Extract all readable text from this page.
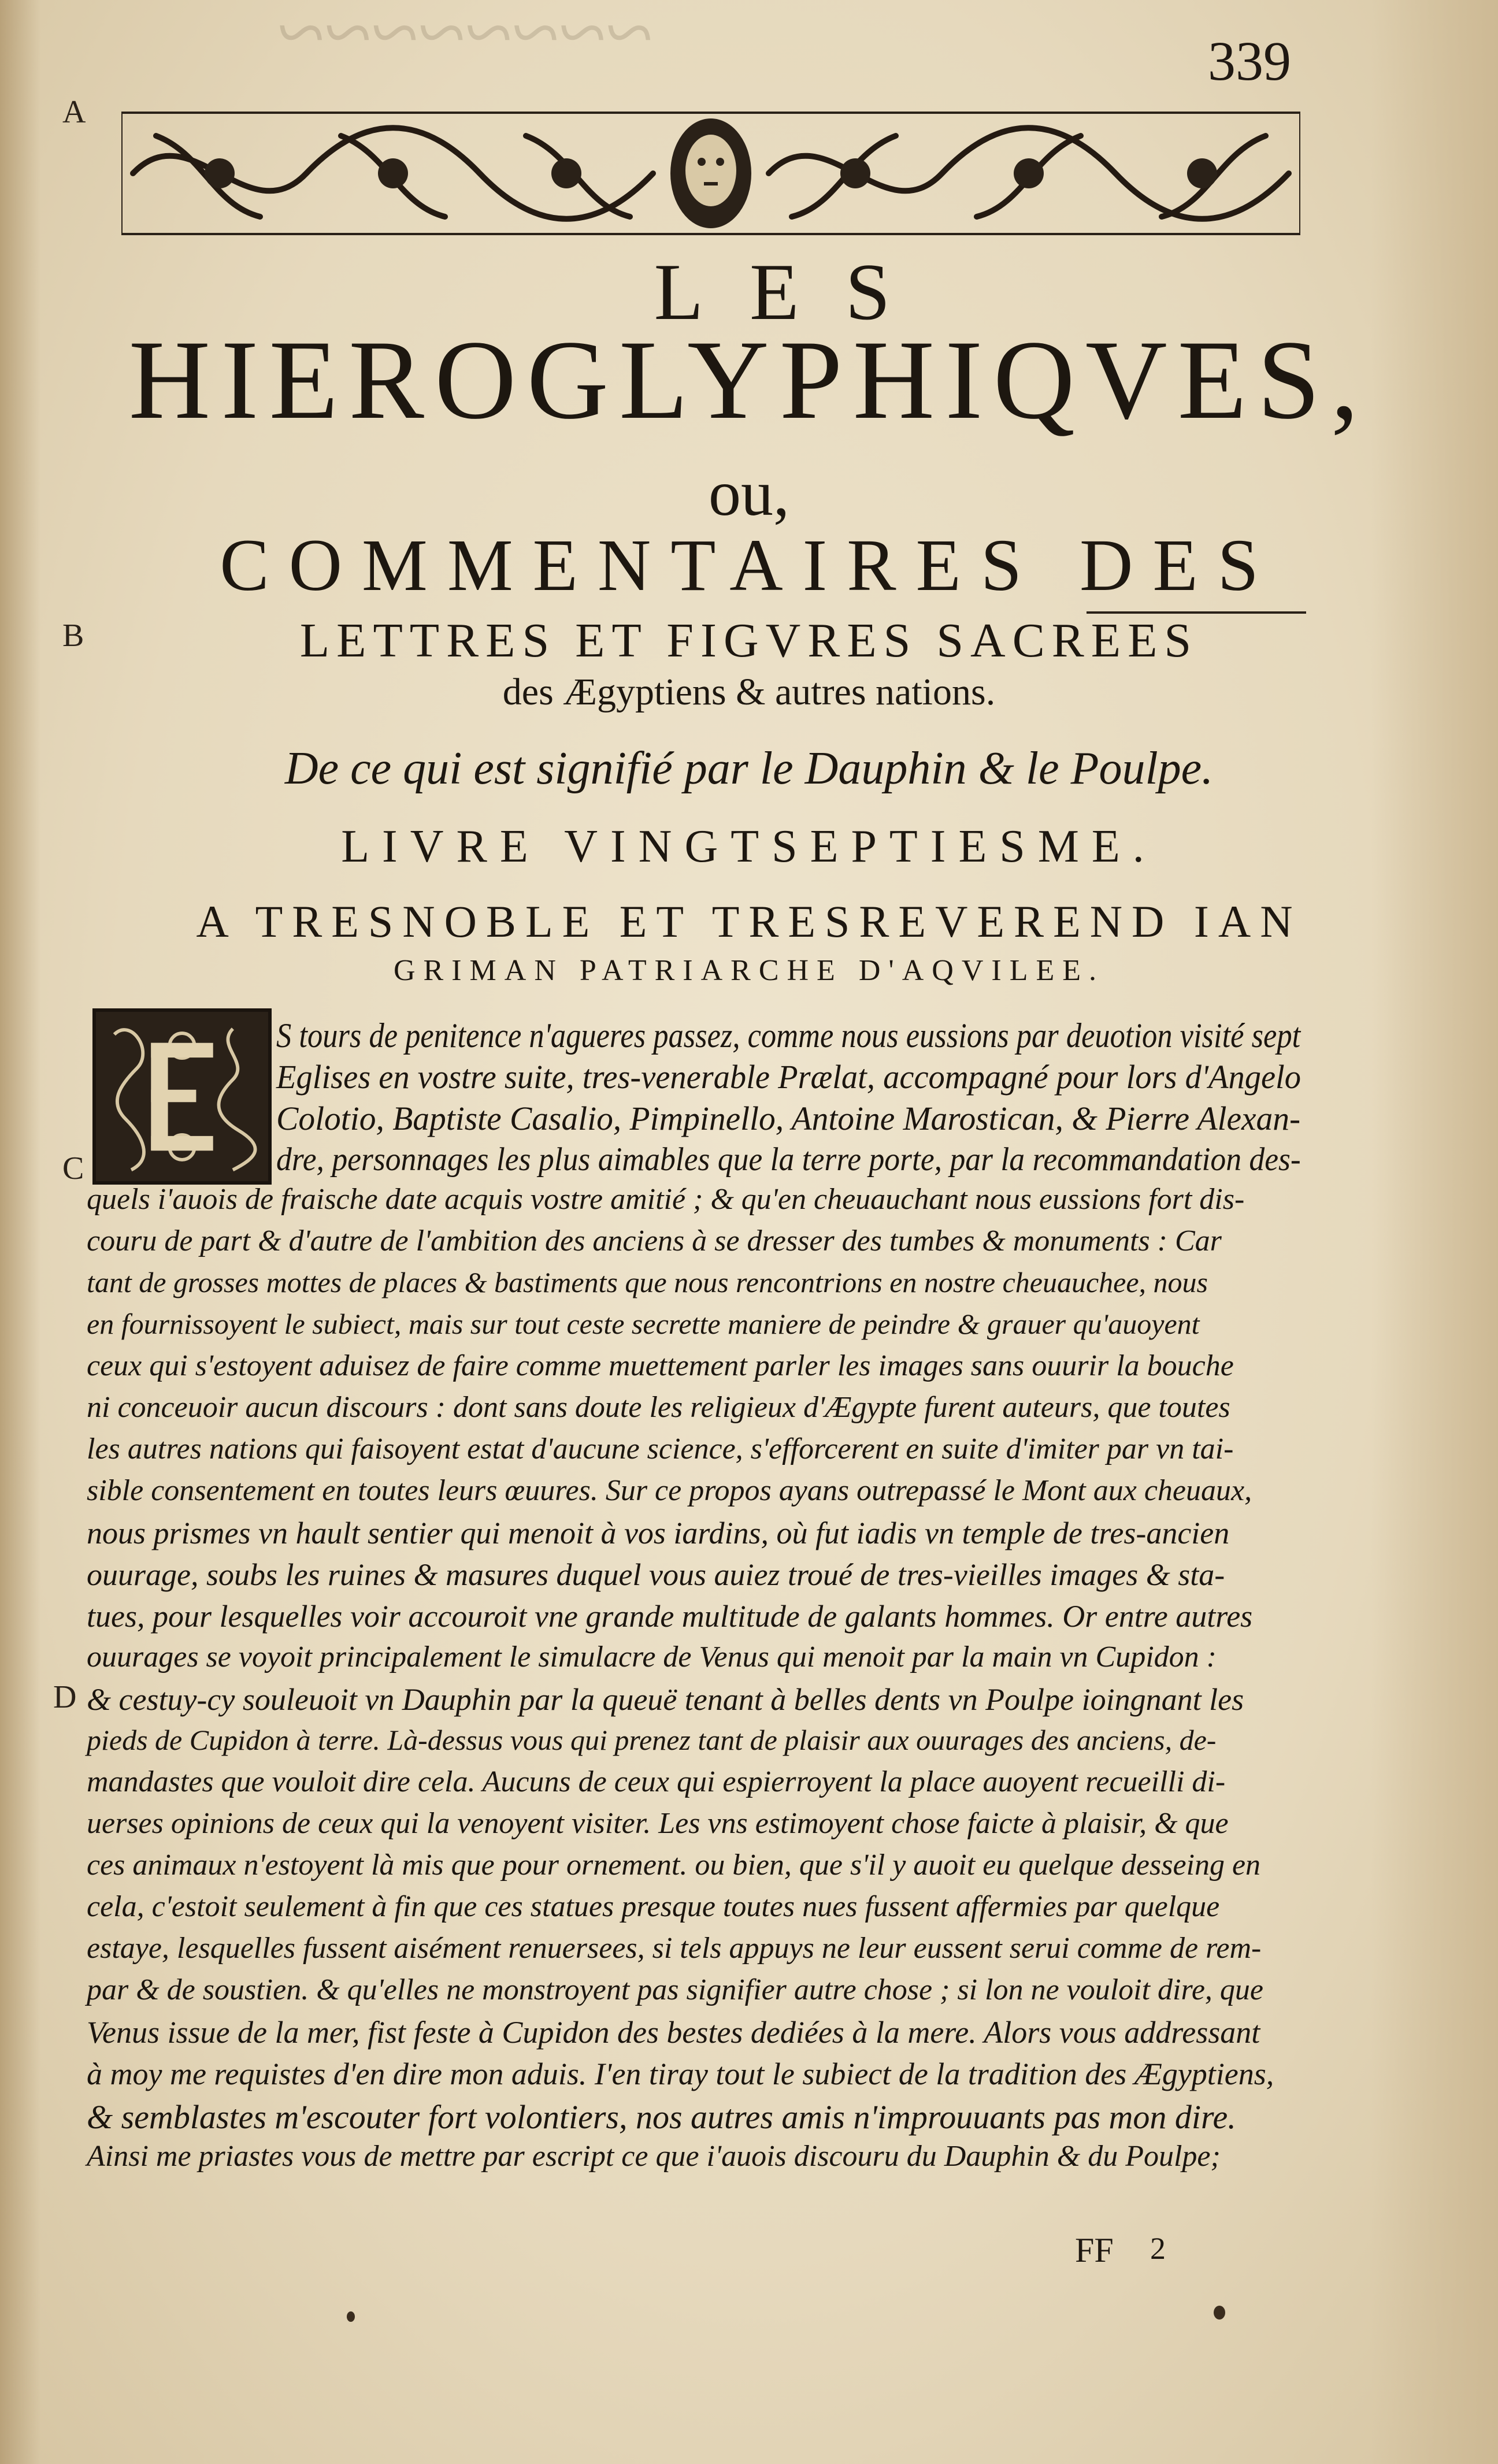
~~~~~~~~
A
B
C
D
339
LES
HIEROGLYPHIQVES,
ou,
COMMENTAIRES DES
LETTRES ET FIGVRES SACREES
des Ægyptiens & autres nations.
De ce qui est signifié par le Dauphin & le Poulpe.
LIVRE VINGTSEPTIESME.
A TRESNOBLE ET TRESREVEREND IAN
GRIMAN PATRIARCHE D'AQVILEE.
S tours de penitence n'agueres passez, comme nous eussions par deuotion visité sept
Eglises en vostre suite, tres-venerable Prælat, accompagné pour lors d'Angelo
Colotio, Baptiste Casalio, Pimpinello, Antoine Marostican, & Pierre Alexan-
dre, personnages les plus aimables que la terre porte, par la recommandation des-
quels i'auois de fraische date acquis vostre amitié ; & qu'en cheuauchant nous eussions fort dis-
couru de part & d'autre de l'ambition des anciens à se dresser des tumbes & monuments : Car
tant de grosses mottes de places & bastiments que nous rencontrions en nostre cheuauchee, nous
en fournissoyent le subiect, mais sur tout ceste secrette maniere de peindre & grauer qu'auoyent
ceux qui s'estoyent aduisez de faire comme muettement parler les images sans ouurir la bouche
ni conceuoir aucun discours : dont sans doute les religieux d'Ægypte furent auteurs, que toutes
les autres nations qui faisoyent estat d'aucune science, s'efforcerent en suite d'imiter par vn tai-
sible consentement en toutes leurs œuures. Sur ce propos ayans outrepassé le Mont aux cheuaux,
nous prismes vn hault sentier qui menoit à vos iardins, où fut iadis vn temple de tres-ancien
ouurage, soubs les ruines & masures duquel vous auiez troué de tres-vieilles images & sta-
tues, pour lesquelles voir accouroit vne grande multitude de galants hommes. Or entre autres
ouurages se voyoit principalement le simulacre de Venus qui menoit par la main vn Cupidon :
& cestuy-cy souleuoit vn Dauphin par la queuë tenant à belles dents vn Poulpe ioingnant les
pieds de Cupidon à terre. Là-dessus vous qui prenez tant de plaisir aux ouurages des anciens, de-
mandastes que vouloit dire cela. Aucuns de ceux qui espierroyent la place auoyent recueilli di-
uerses opinions de ceux qui la venoyent visiter. Les vns estimoyent chose faicte à plaisir, & que
ces animaux n'estoyent là mis que pour ornement. ou bien, que s'il y auoit eu quelque desseing en
cela, c'estoit seulement à fin que ces statues presque toutes nues fussent affermies par quelque
estaye, lesquelles fussent aisément renuersees, si tels appuys ne leur eussent serui comme de rem-
par & de soustien. & qu'elles ne monstroyent pas signifier autre chose ; si lon ne vouloit dire, que
Venus issue de la mer, fist feste à Cupidon des bestes dediées à la mere. Alors vous addressant
à moy me requistes d'en dire mon aduis. I'en tiray tout le subiect de la tradition des Ægyptiens,
& semblastes m'escouter fort volontiers, nos autres amis n'improuuants pas mon dire.
Ainsi me priastes vous de mettre par escript ce que i'auois discouru du Dauphin & du Poulpe;
FF 2
